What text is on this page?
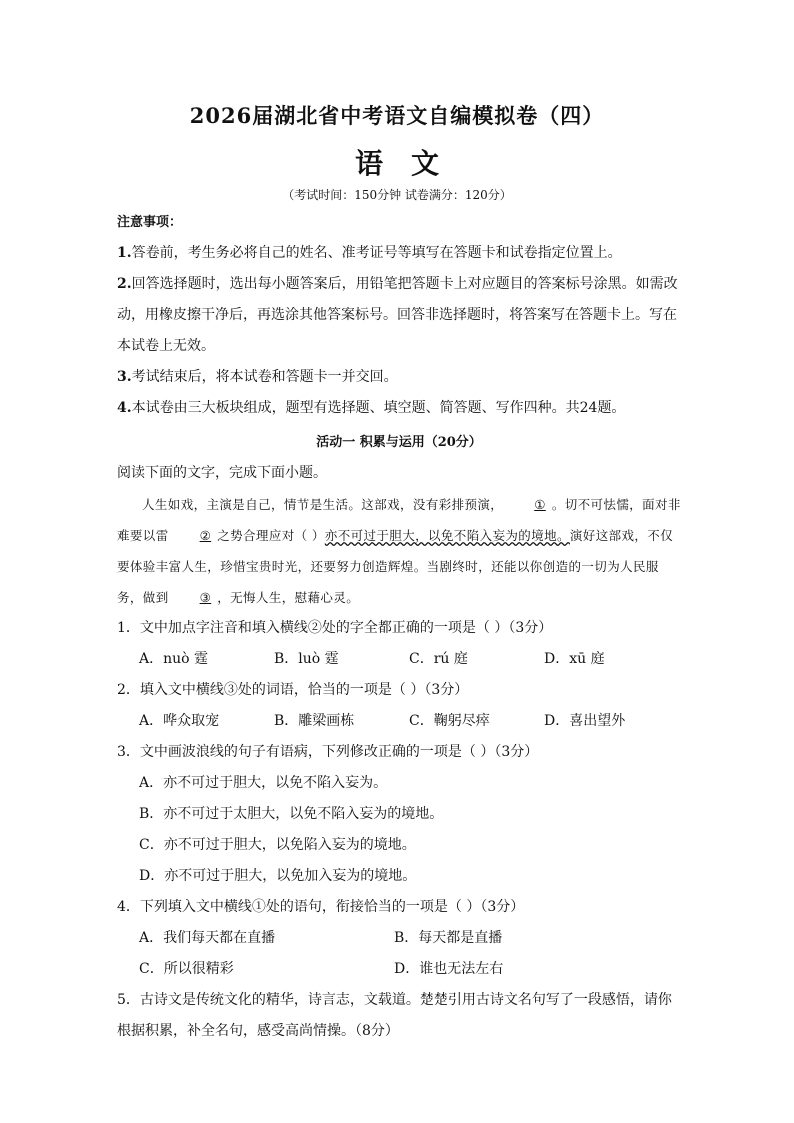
2026届湖北省中考语文自编模拟卷（四）
语文
（考试时间：150分钟 试卷满分：120分）
注意事项：

1.答卷前，考生务必将自己的姓名、准考证号等填写在答题卡和试卷指定位置上。

2.回答选择题时，选出每小题答案后，用铅笔把答题卡上对应题目的答案标号涂黑。如需改动，用橡皮擦干净后，再选涂其他答案标号。回答非选择题时，将答案写在答题卡上。写在本试卷上无效。

3.考试结束后，将本试卷和答题卡一并交回。

4.本试卷由三大板块组成，题型有选择题、填空题、简答题、写作四种。共24题。

活动一 积累与运用（20分）

阅读下面的文字，完成下面小题。

人生如戏，主演是自己，情节是生活。这部戏，没有彩排预演， ① 。切不可怯懦，面对非难要以雷 ② 之势合理应对（ ）亦不可过于胆大，以免不陷入妄为的境地。演好这部戏，不仅要体验丰富人生，珍惜宝贵时光，还要努力创造辉煌。当剧终时，还能以你创造的一切为人民服务，做到 ③ ，无悔人生，慰藉心灵。

1．文中加点字注音和填入横线②处的字全都正确的一项是（ ）（3分）

A．nuò 霆	B．luò 霆	C．rú 庭	D．xū 庭

2．填入文中横线③处的词语，恰当的一项是（ ）（3分）

A．哗众取宠	B．雕梁画栋	C．鞠躬尽瘁	D．喜出望外

3．文中画波浪线的句子有语病，下列修改正确的一项是（ ）（3分）

A．亦不可过于胆大，以免不陷入妄为。

B．亦不可过于太胆大，以免不陷入妄为的境地。

C．亦不可过于胆大，以免陷入妄为的境地。

D．亦不可过于胆大，以免加入妄为的境地。

4．下列填入文中横线①处的语句，衔接恰当的一项是（ ）（3分）

A．我们每天都在直播	B．每天都是直播
C．所以很精彩	D．谁也无法左右

5．古诗文是传统文化的精华，诗言志，文载道。楚楚引用古诗文名句写了一段感悟，请你根据积累，补全名句，感受高尚情操。（8分）
